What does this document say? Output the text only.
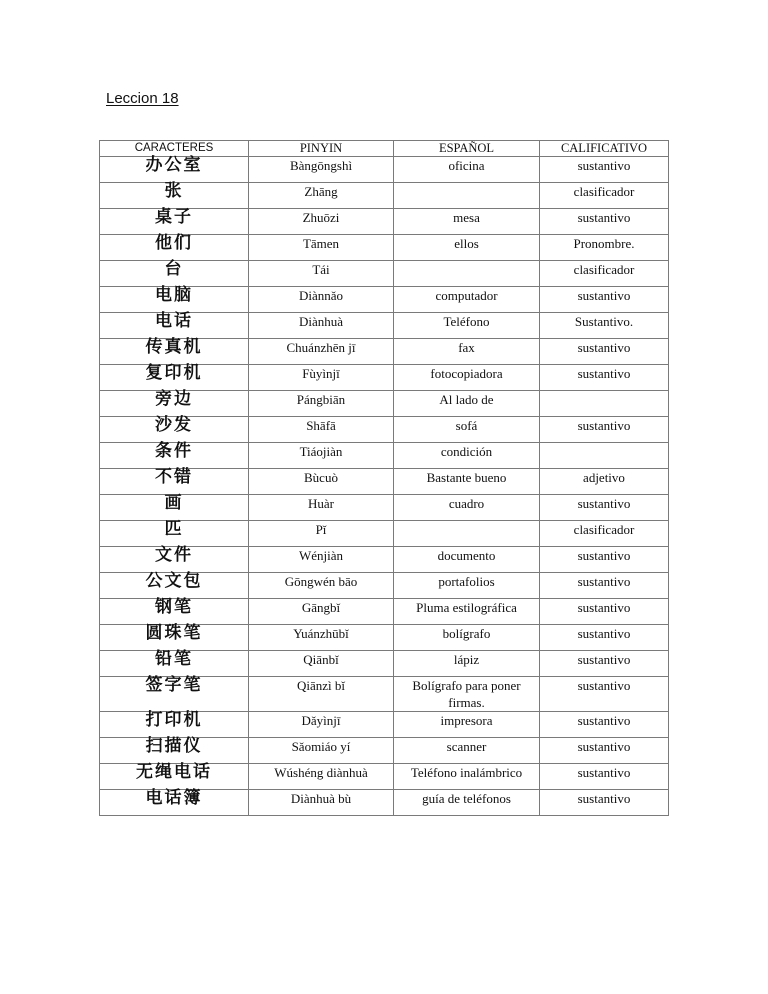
Leccion 18
CARACTERES	PINYIN	ESPAÑOL	CALIFICATIVO
办公室	Bàngōngshì	oficina	sustantivo
张	Zhāng		clasificador
桌子	Zhuōzi	mesa	sustantivo
他们	Tāmen	ellos	Pronombre.
台	Tái		clasificador
电脑	Diànnǎo	computador	sustantivo
电话	Diànhuà	Teléfono	Sustantivo.
传真机	Chuánzhēn jī	fax	sustantivo
复印机	Fùyìnjī	fotocopiadora	sustantivo
旁边	Pángbiān	Al lado de	
沙发	Shāfā	sofá	sustantivo
条件	Tiáojiàn	condición	
不错	Bùcuò	Bastante bueno	adjetivo
画	Huàr	cuadro	sustantivo
匹	Pǐ		clasificador
文件	Wénjiàn	documento	sustantivo
公文包	Gōngwén bāo	portafolios	sustantivo
钢笔	Gāngbǐ	Pluma estilográfica	sustantivo
圆珠笔	Yuánzhūbǐ	bolígrafo	sustantivo
铅笔	Qiānbǐ	lápiz	sustantivo
签字笔	Qiānzì bǐ	Bolígrafo para poner firmas.	sustantivo
打印机	Dǎyìnjī	impresora	sustantivo
扫描仪	Sǎomiáo yí	scanner	sustantivo
无绳电话	Wúshéng diànhuà	Teléfono inalámbrico	sustantivo
电话簿	Diànhuà bù	guía de teléfonos	sustantivo
